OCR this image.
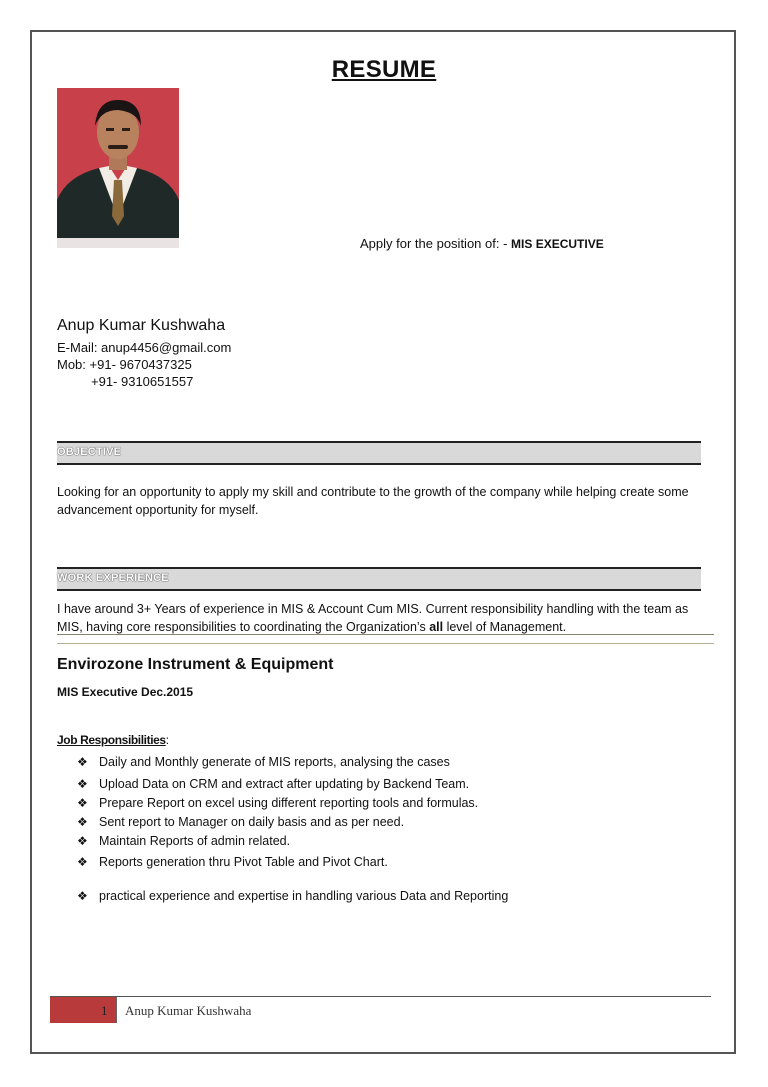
RESUME
Apply for the position of: - MIS EXECUTIVE
Anup Kumar Kushwaha
E-Mail: anup4456@gmail.com
Mob: +91- 9670437325
+91- 9310651557
OBJECTIVE
Looking for an opportunity to apply my skill and contribute to the growth of the company while helping create some advancement opportunity for myself.
WORK EXPERIENCE
I have around 3+ Years of experience in MIS & Account Cum MIS. Current responsibility handling with the team as MIS, having core responsibilities to coordinating the Organization’s all level of Management.
Envirozone Instrument & Equipment
MIS Executive Dec.2015
Job Responsibilities:
❖ Daily and Monthly generate of MIS reports, analysing the cases
❖ Upload Data on CRM and extract after updating by Backend Team.
❖ Prepare Report on excel using different reporting tools and formulas.
❖ Sent report to Manager on daily basis and as per need.
❖ Maintain Reports of admin related.
❖ Reports generation thru Pivot Table and Pivot Chart.
❖ practical experience and expertise in handling various Data and Reporting
1 Anup Kumar Kushwaha
